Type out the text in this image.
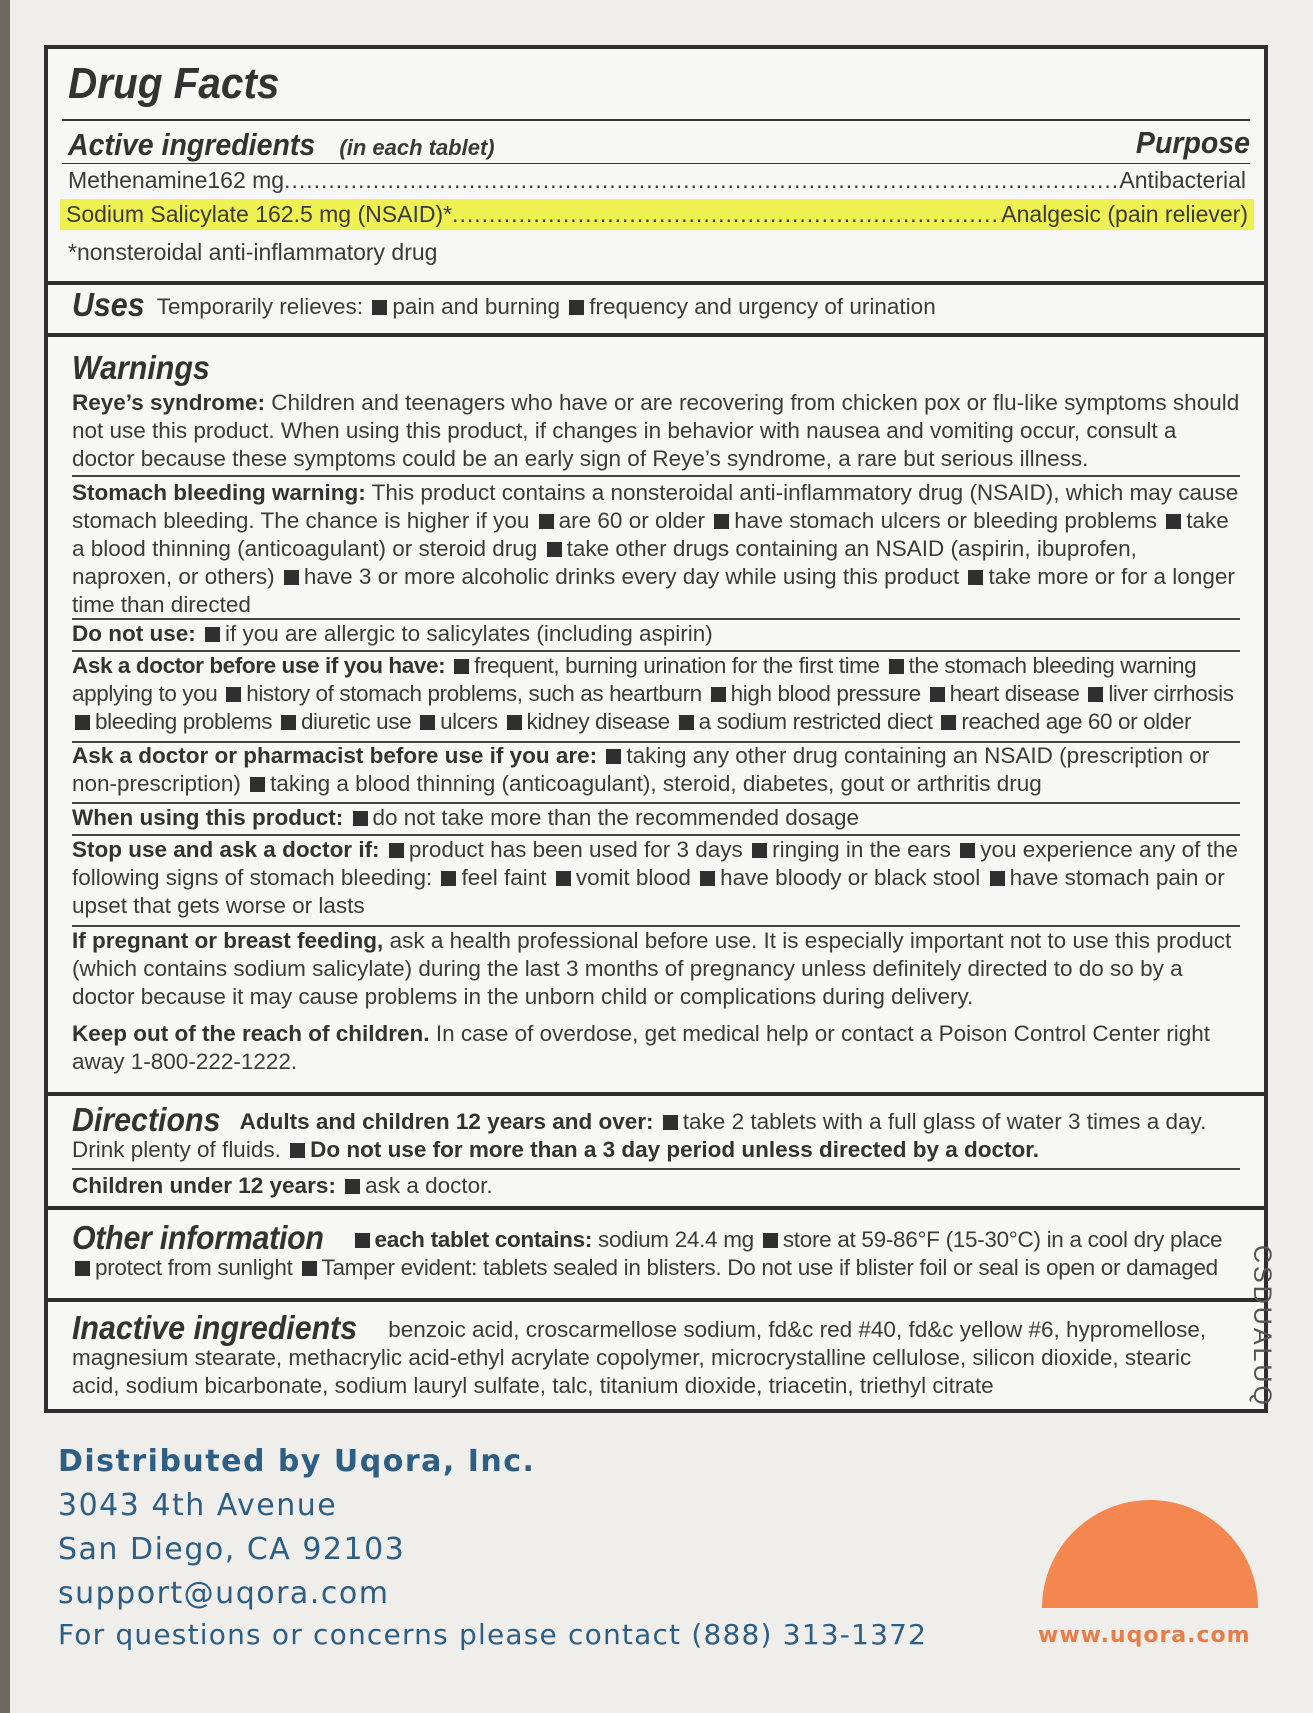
Drug Facts
Active ingredients (in each tablet)	Purpose
Methenamine162 mg .....	Antibacterial
Sodium Salicylate 162.5 mg (NSAID)* .....	Analgesic (pain reliever)
*nonsteroidal anti-inflammatory drug
Uses Temporarily relieves: pain and burning frequency and urgency of urination
Warnings
Reye’s syndrome: Children and teenagers who have or are recovering from chicken pox or flu-like symptoms should not use this product. When using this product, if changes in behavior with nausea and vomiting occur, consult a doctor because these symptoms could be an early sign of Reye’s syndrome, a rare but serious illness.
Stomach bleeding warning: This product contains a nonsteroidal anti-inflammatory drug (NSAID), which may cause stomach bleeding. The chance is higher if you are 60 or older have stomach ulcers or bleeding problems take a blood thinning (anticoagulant) or steroid drug take other drugs containing an NSAID (aspirin, ibuprofen, naproxen, or others) have 3 or more alcoholic drinks every day while using this product take more or for a longer time than directed
Do not use: if you are allergic to salicylates (including aspirin)
Ask a doctor before use if you have: frequent, burning urination for the first time the stomach bleeding warning applying to you history of stomach problems, such as heartburn high blood pressure heart disease liver cirrhosis bleeding problems diuretic use ulcers kidney disease a sodium restricted diect reached age 60 or older
Ask a doctor or pharmacist before use if you are: taking any other drug containing an NSAID (prescription or non-prescription) taking a blood thinning (anticoagulant), steroid, diabetes, gout or arthritis drug
When using this product: do not take more than the recommended dosage
Stop use and ask a doctor if: product has been used for 3 days ringing in the ears you experience any of the following signs of stomach bleeding: feel faint vomit blood have bloody or black stool have stomach pain or upset that gets worse or lasts
If pregnant or breast feeding, ask a health professional before use. It is especially important not to use this product (which contains sodium salicylate) during the last 3 months of pregnancy unless definitely directed to do so by a doctor because it may cause problems in the unborn child or complications during delivery.
Keep out of the reach of children. In case of overdose, get medical help or contact a Poison Control Center right away 1-800-222-1222.
Directions Adults and children 12 years and over: take 2 tablets with a full glass of water 3 times a day. Drink plenty of fluids. Do not use for more than a 3 day period unless directed by a doctor.
Children under 12 years: ask a doctor.
Other information each tablet contains: sodium 24.4 mg store at 59-86°F (15-30°C) in a cool dry place protect from sunlight Tamper evident: tablets sealed in blisters. Do not use if blister foil or seal is open or damaged
Inactive ingredients benzoic acid, croscarmellose sodium, fd&c red #40, fd&c yellow #6, hypromellose, magnesium stearate, methacrylic acid-ethyl acrylate copolymer, microcrystalline cellulose, silicon dioxide, stearic acid, sodium bicarbonate, sodium lauryl sulfate, talc, titanium dioxide, triacetin, triethyl citrate	CSDUALUQ
Distributed by Uqora, Inc.
3043 4th Avenue
San Diego, CA 92103
support@uqora.com
For questions or concerns please contact (888) 313-1372	www.uqora.com
